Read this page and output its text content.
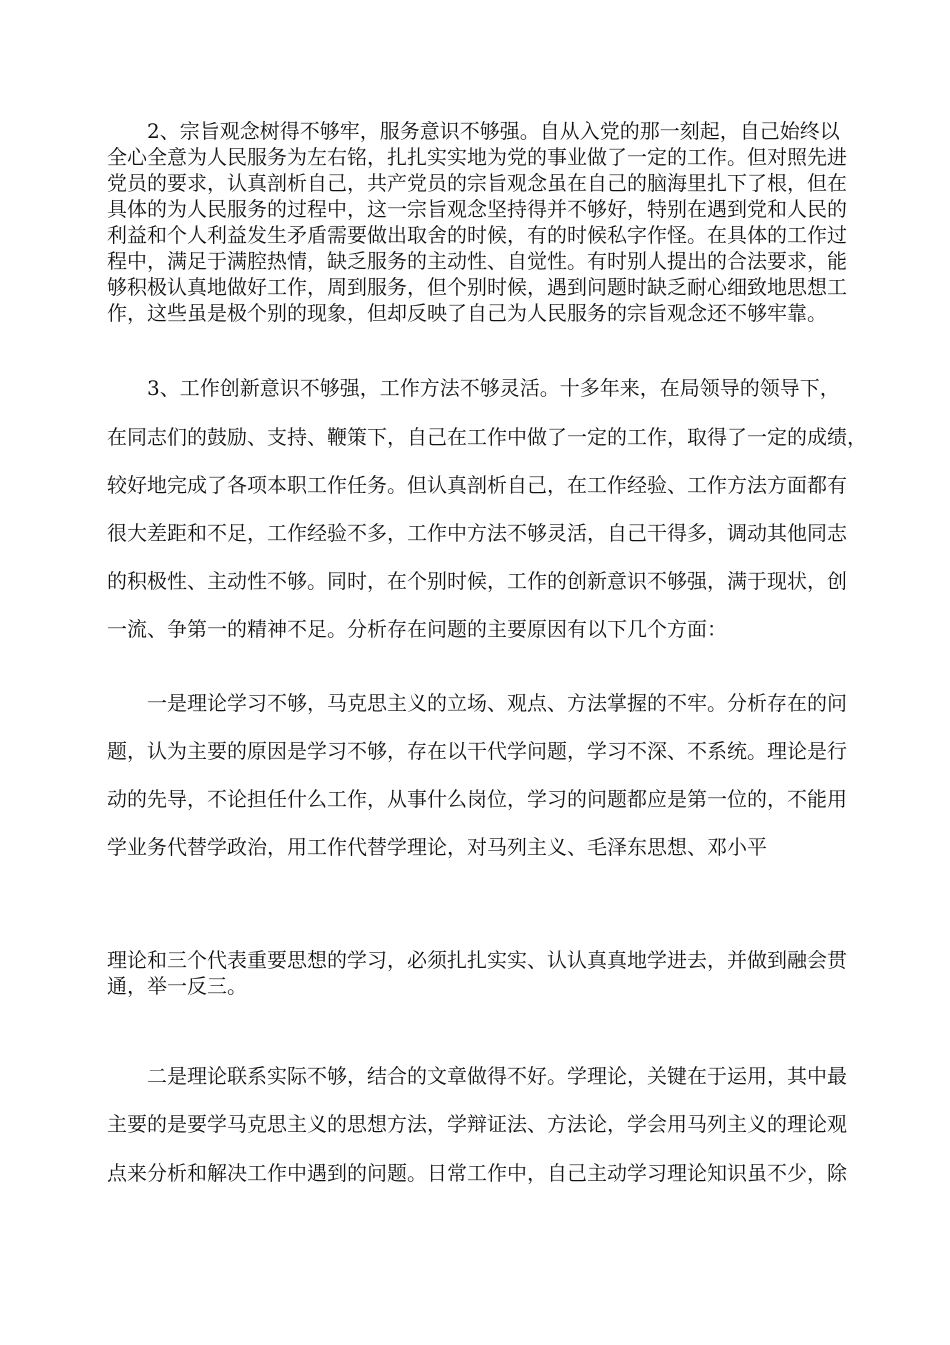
2、宗旨观念树得不够牢，服务意识不够强。自从入党的那一刻起，自己始终以
全心全意为人民服务为左右铭，扎扎实实地为党的事业做了一定的工作。但对照先进
党员的要求，认真剖析自己，共产党员的宗旨观念虽在自己的脑海里扎下了根，但在
具体的为人民服务的过程中，这一宗旨观念坚持得并不够好，特别在遇到党和人民的
利益和个人利益发生矛盾需要做出取舍的时候，有的时候私字作怪。在具体的工作过
程中，满足于满腔热情，缺乏服务的主动性、自觉性。有时别人提出的合法要求，能
够积极认真地做好工作，周到服务，但个别时候，遇到问题时缺乏耐心细致地思想工
作，这些虽是极个别的现象，但却反映了自己为人民服务的宗旨观念还不够牢靠。
3、工作创新意识不够强，工作方法不够灵活。十多年来，在局领导的领导下，
在同志们的鼓励、支持、鞭策下，自己在工作中做了一定的工作，取得了一定的成绩，
较好地完成了各项本职工作任务。但认真剖析自己，在工作经验、工作方法方面都有
很大差距和不足，工作经验不多，工作中方法不够灵活，自己干得多，调动其他同志
的积极性、主动性不够。同时，在个别时候，工作的创新意识不够强，满于现状，创
一流、争第一的精神不足。分析存在问题的主要原因有以下几个方面：
一是理论学习不够，马克思主义的立场、观点、方法掌握的不牢。分析存在的问
题，认为主要的原因是学习不够，存在以干代学问题，学习不深、不系统。理论是行
动的先导，不论担任什么工作，从事什么岗位，学习的问题都应是第一位的，不能用
学业务代替学政治，用工作代替学理论，对马列主义、毛泽东思想、邓小平
理论和三个代表重要思想的学习，必须扎扎实实、认认真真地学进去，并做到融会贯
通，举一反三。
二是理论联系实际不够，结合的文章做得不好。学理论，关键在于运用，其中最
主要的是要学马克思主义的思想方法，学辩证法、方法论，学会用马列主义的理论观
点来分析和解决工作中遇到的问题。日常工作中，自己主动学习理论知识虽不少，除
